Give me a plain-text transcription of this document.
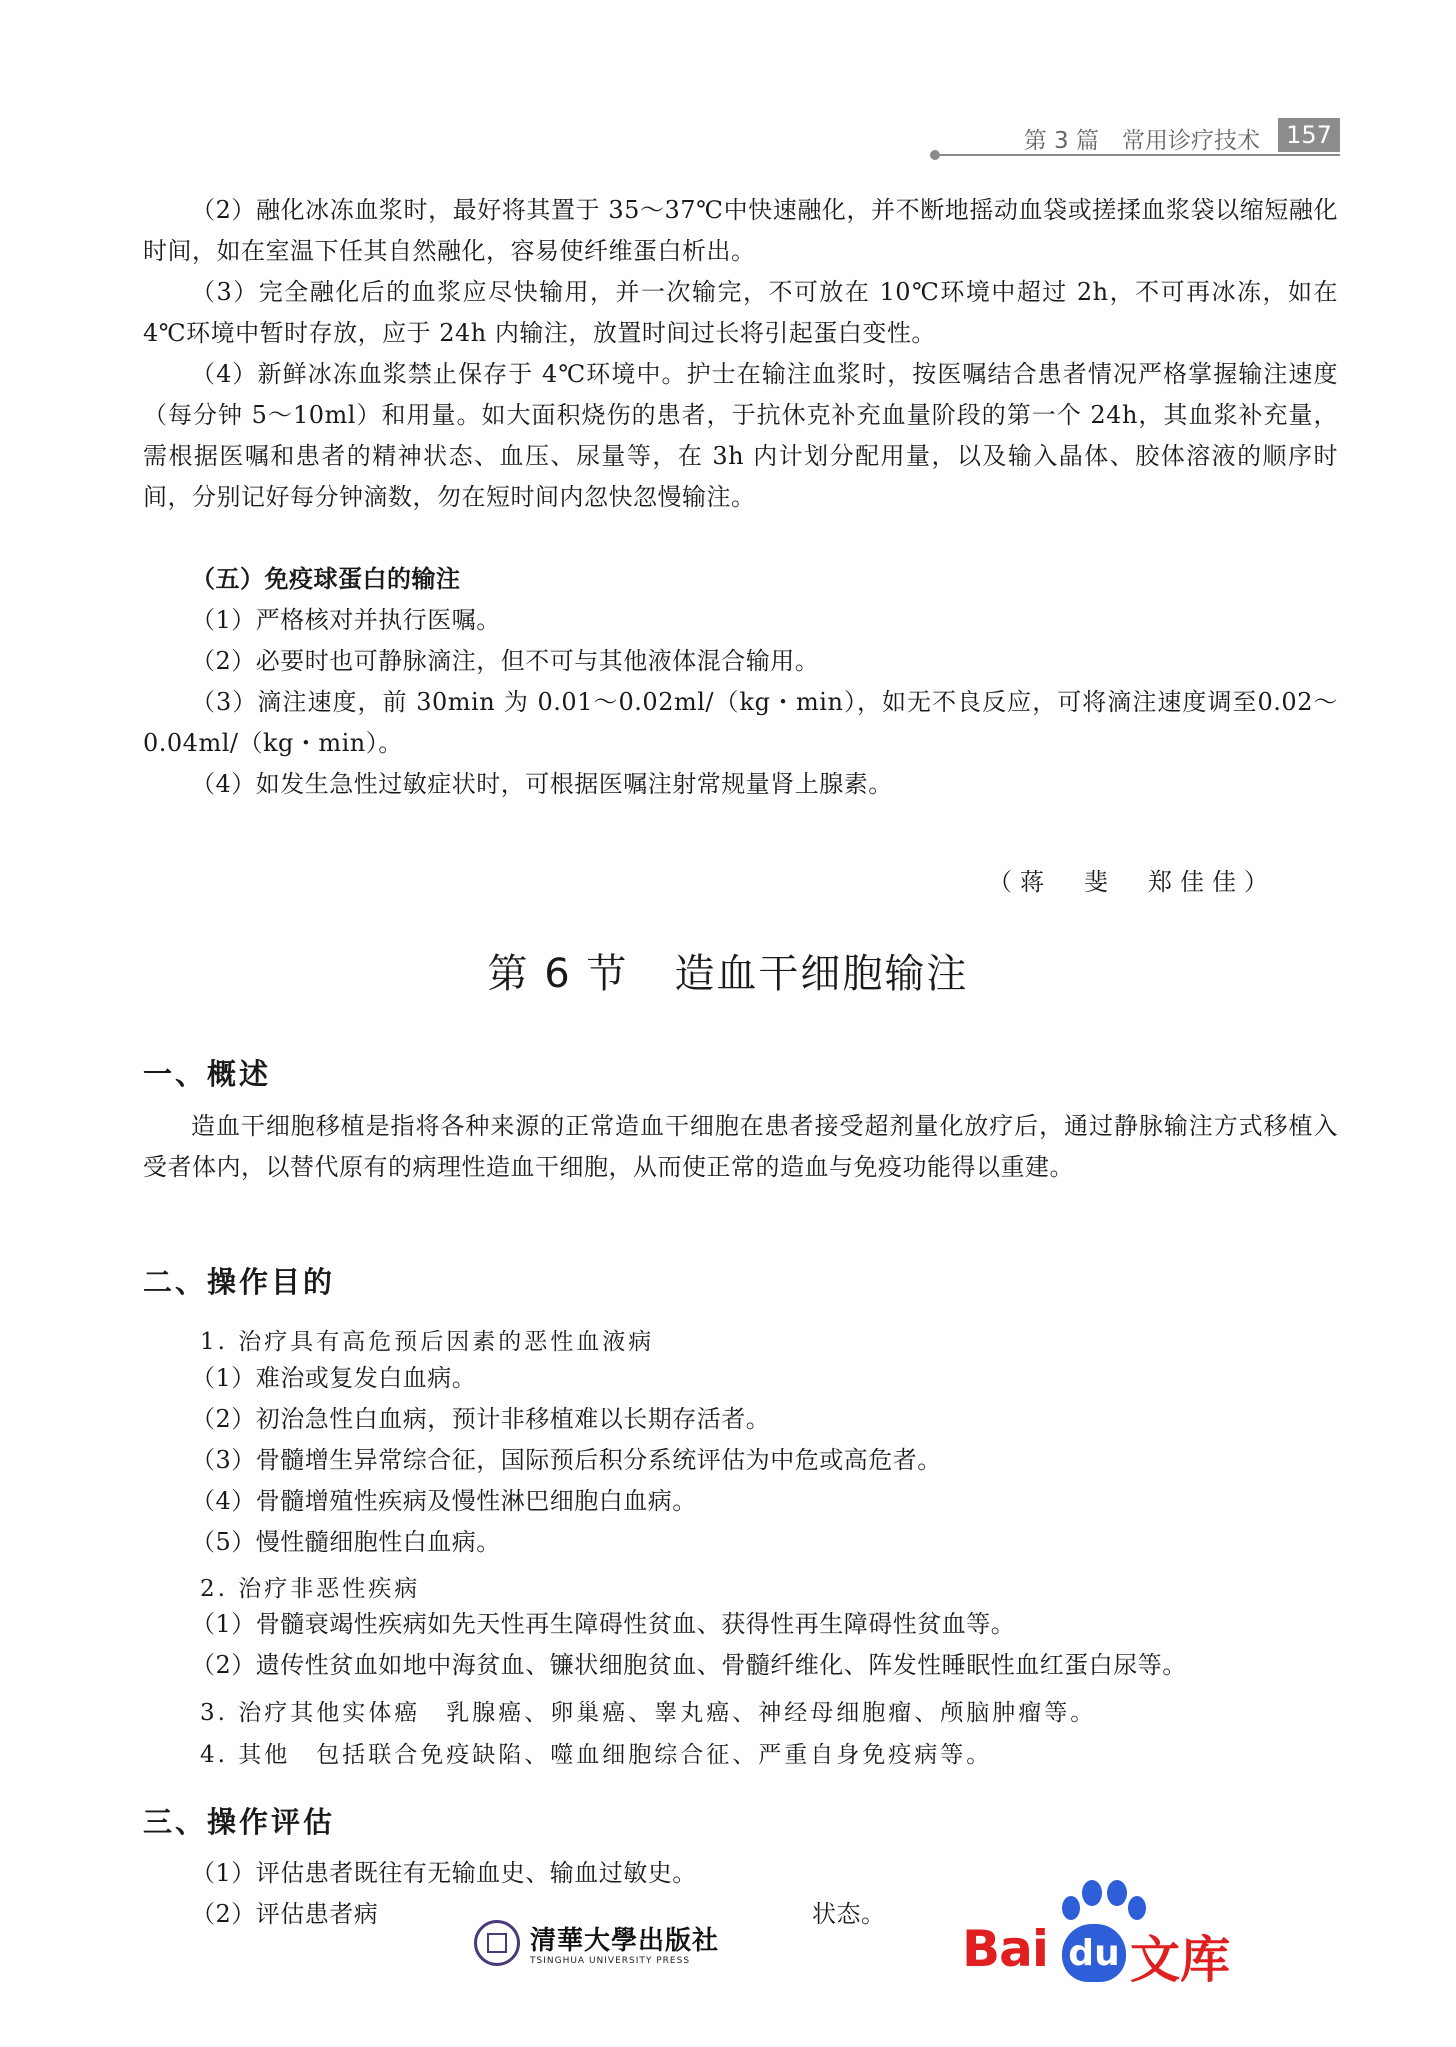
第 3 篇　常用诊疗技术	157
（2）融化冰冻血浆时，最好将其置于 35～37℃中快速融化，并不断地摇动血袋或搓揉血浆袋以缩短融化时间，如在室温下任其自然融化，容易使纤维蛋白析出。
（3）完全融化后的血浆应尽快输用，并一次输完，不可放在 10℃环境中超过 2h，不可再冰冻，如在 4℃环境中暂时存放，应于 24h 内输注，放置时间过长将引起蛋白变性。
（4）新鲜冰冻血浆禁止保存于 4℃环境中。护士在输注血浆时，按医嘱结合患者情况严格掌握输注速度（每分钟 5～10ml）和用量。如大面积烧伤的患者，于抗休克补充血量阶段的第一个 24h，其血浆补充量，需根据医嘱和患者的精神状态、血压、尿量等，在 3h 内计划分配用量，以及输入晶体、胶体溶液的顺序时间，分别记好每分钟滴数，勿在短时间内忽快忽慢输注。
（五）免疫球蛋白的输注
（1）严格核对并执行医嘱。
（2）必要时也可静脉滴注，但不可与其他液体混合输用。
（3）滴注速度，前 30min 为 0.01～0.02ml/（kg・min），如无不良反应，可将滴注速度调至0.02～0.04ml/（kg・min）。
（4）如发生急性过敏症状时，可根据医嘱注射常规量肾上腺素。
（蒋　斐　郑佳佳）
第 6 节 造血干细胞输注
一、概述
造血干细胞移植是指将各种来源的正常造血干细胞在患者接受超剂量化放疗后，通过静脉输注方式移植入受者体内，以替代原有的病理性造血干细胞，从而使正常的造血与免疫功能得以重建。
二、操作目的
1. 治疗具有高危预后因素的恶性血液病
（1）难治或复发白血病。
（2）初治急性白血病，预计非移植难以长期存活者。
（3）骨髓增生异常综合征，国际预后积分系统评估为中危或高危者。
（4）骨髓增殖性疾病及慢性淋巴细胞白血病。
（5）慢性髓细胞性白血病。
2. 治疗非恶性疾病
（1）骨髓衰竭性疾病如先天性再生障碍性贫血、获得性再生障碍性贫血等。
（2）遗传性贫血如地中海贫血、镰状细胞贫血、骨髓纤维化、阵发性睡眠性血红蛋白尿等。
3. 治疗其他实体癌　乳腺癌、卵巢癌、睾丸癌、神经母细胞瘤、颅脑肿瘤等。
4. 其他　包括联合免疫缺陷、噬血细胞综合征、严重自身免疫病等。
三、操作评估
（1）评估患者既往有无输血史、输血过敏史。
（2）评估患者病	状态。
清華大學出版社
TSINGHUA UNIVERSITY PRESS	Bai du 文库
